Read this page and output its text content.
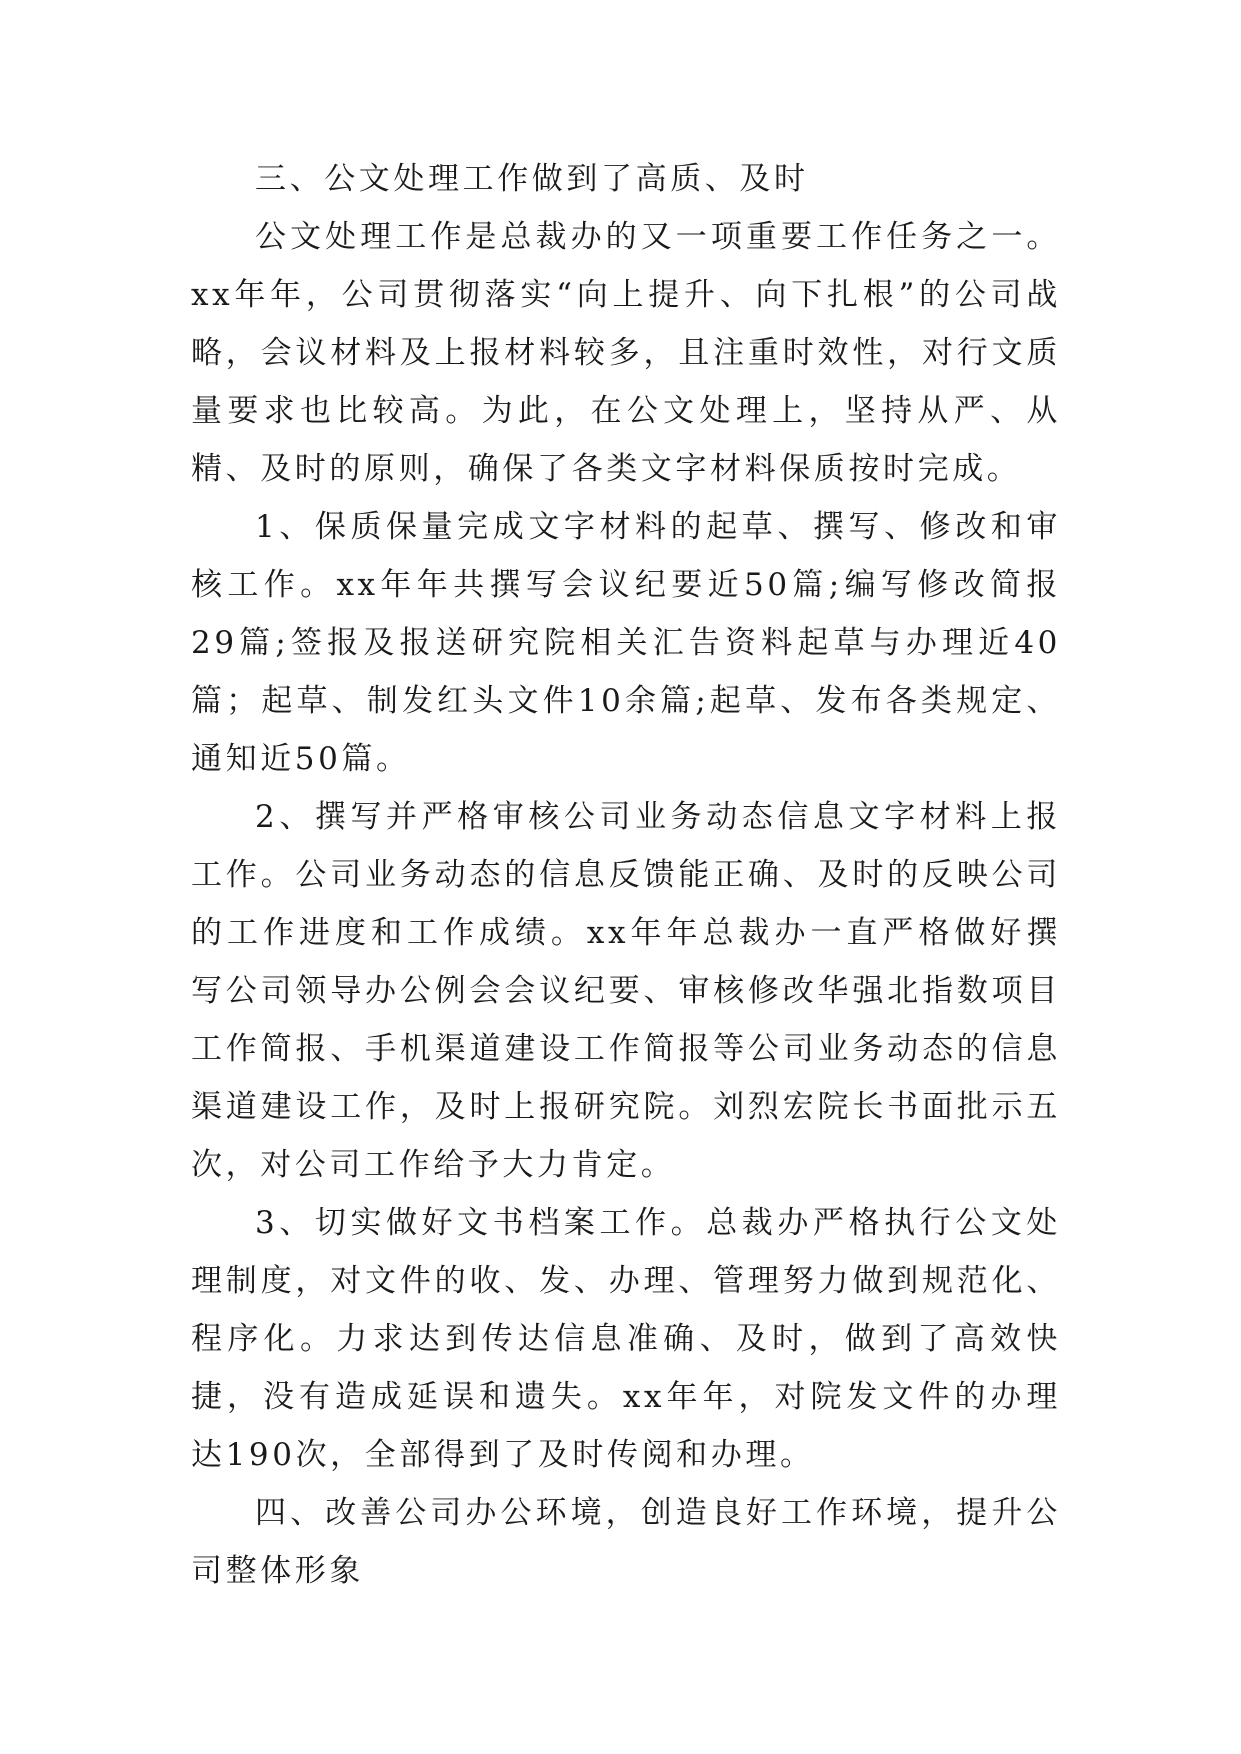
三、公文处理工作做到了高质、及时

公文处理工作是总裁办的又一项重要工作任务之一。xx年年，公司贯彻落实“向上提升、向下扎根”的公司战略，会议材料及上报材料较多，且注重时效性，对行文质量要求也比较高。为此，在公文处理上，坚持从严、从精、及时的原则，确保了各类文字材料保质按时完成。

1、保质保量完成文字材料的起草、撰写、修改和审核工作。xx年年共撰写会议纪要近50篇;编写修改简报29篇;签报及报送研究院相关汇告资料起草与办理近40篇；起草、制发红头文件10余篇;起草、发布各类规定、通知近50篇。

2、撰写并严格审核公司业务动态信息文字材料上报工作。公司业务动态的信息反馈能正确、及时的反映公司的工作进度和工作成绩。xx年年总裁办一直严格做好撰写公司领导办公例会会议纪要、审核修改华强北指数项目工作简报、手机渠道建设工作简报等公司业务动态的信息渠道建设工作，及时上报研究院。刘烈宏院长书面批示五次，对公司工作给予大力肯定。

3、切实做好文书档案工作。总裁办严格执行公文处理制度，对文件的收、发、办理、管理努力做到规范化、程序化。力求达到传达信息准确、及时，做到了高效快捷，没有造成延误和遗失。xx年年，对院发文件的办理达190次，全部得到了及时传阅和办理。

四、改善公司办公环境，创造良好工作环境，提升公司整体形象
